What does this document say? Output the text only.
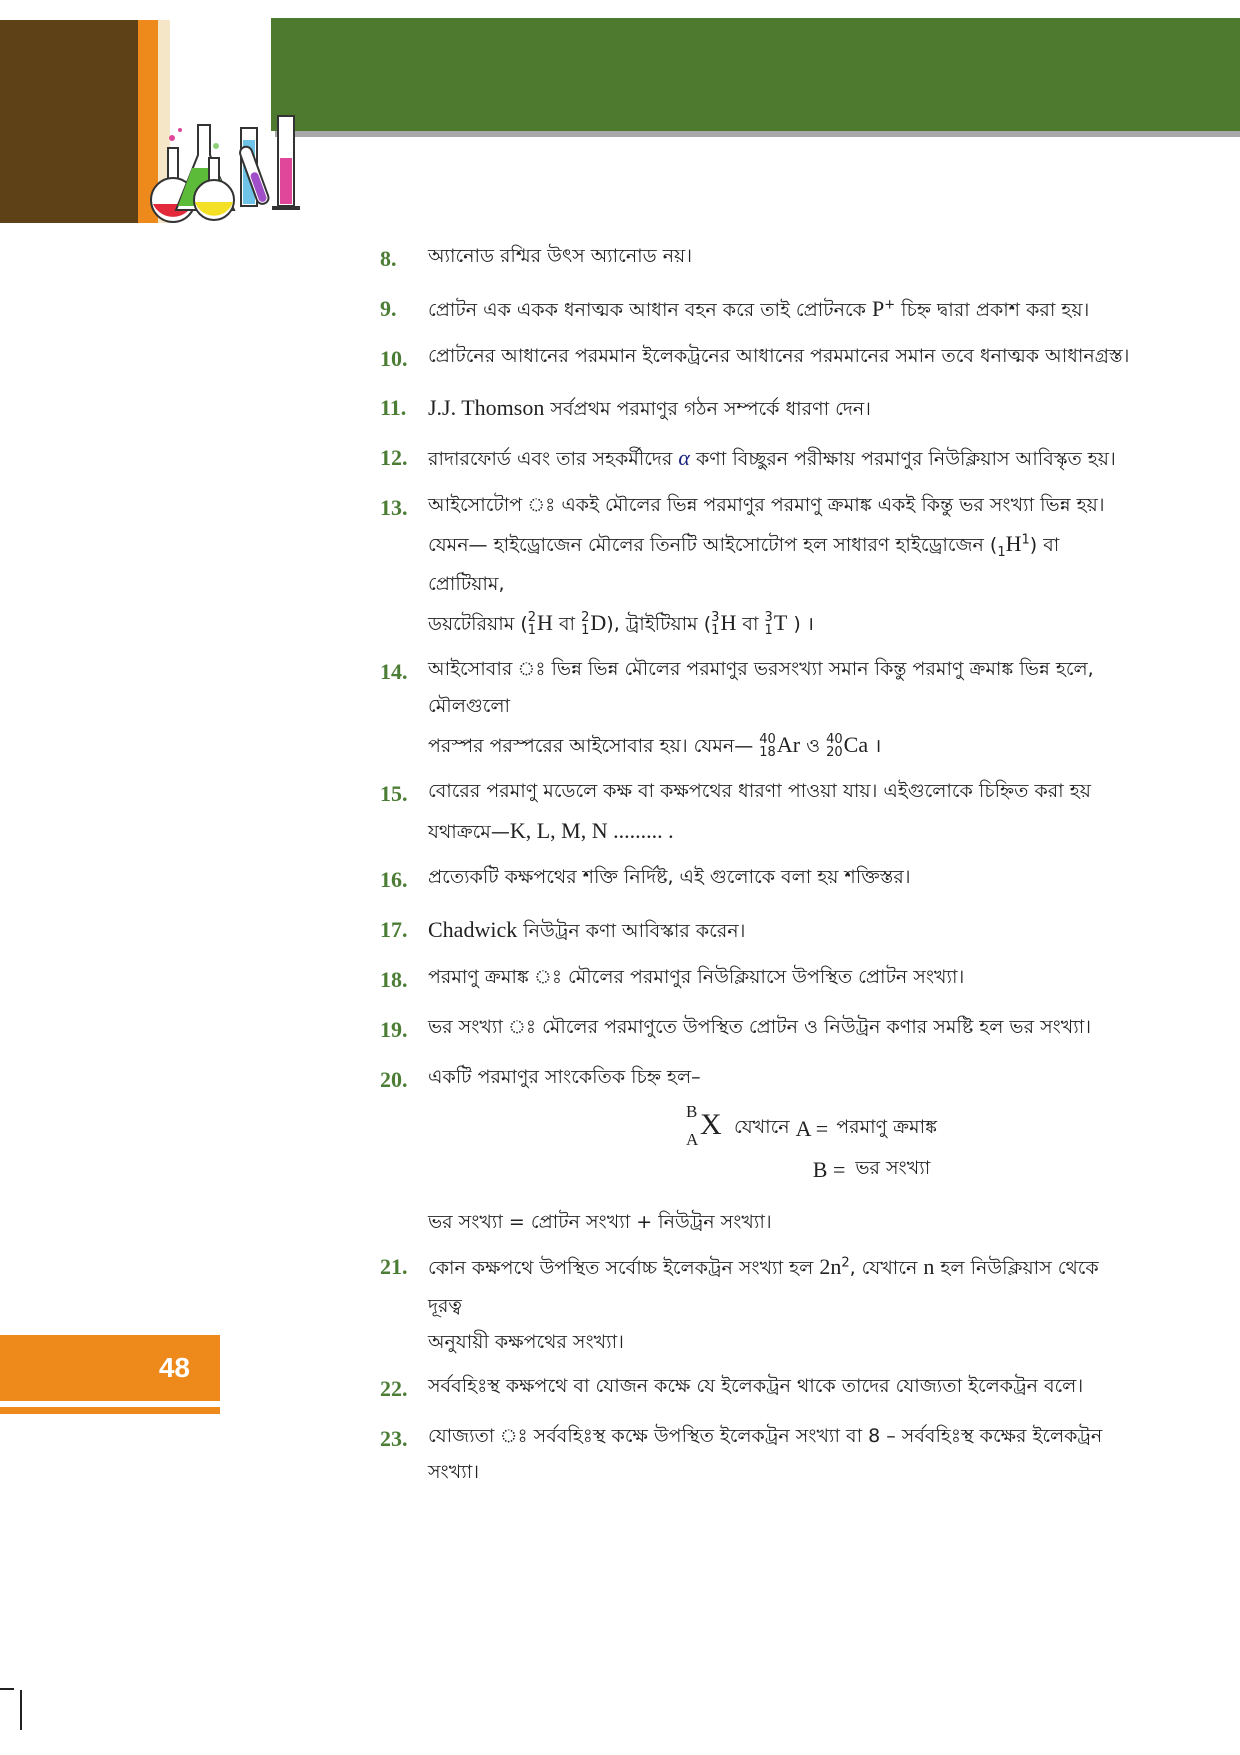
48
8.	অ্যানোড রশ্মির উৎস অ্যানোড নয়।
9.	প্রোটন এক একক ধনাত্মক আধান বহন করে তাই প্রোটনকে P+ চিহ্ন দ্বারা প্রকাশ করা হয়।
10.	প্রোটনের আধানের পরমমান ইলেকট্রনের আধানের পরমমানের সমান তবে ধনাত্মক আধানগ্রস্ত।
11. J.J. Thomson সর্বপ্রথম পরমাণুর গঠন সম্পর্কে ধারণা দেন।
12.	রাদারফোর্ড এবং তার সহকর্মীদের α কণা বিচ্ছুরন পরীক্ষায় পরমাণুর নিউক্লিয়াস আবিস্কৃত হয়।
13.	আইসোটোপ ঃ একই মৌলের ভিন্ন পরমাণুর পরমাণু ক্রমাঙ্ক একই কিন্তু ভর সংখ্যা ভিন্ন হয়।
যেমন— হাইড্রোজেন মৌলের তিনটি আইসোটোপ হল সাধারণ হাইড্রোজেন $(_1H^1)$ বা প্রোটিয়াম,
ডয়টেরিয়াম ( 2
1 H বা 2
1 D), ট্রাইটিয়াম ( 3
1 H বা 3
1 T ) ।
14.	আইসোবার ঃ ভিন্ন ভিন্ন মৌলের পরমাণুর ভরসংখ্যা সমান কিন্তু পরমাণু ক্রমাঙ্ক ভিন্ন হলে, মৌলগুলো
পরস্পর পরস্পরের আইসোবার হয়। যেমন— 40
18 Ar ও 40
20 Ca ।
15.	বোরের পরমাণু মডেলে কক্ষ বা কক্ষপথের ধারণা পাওয়া যায়। এইগুলোকে চিহ্নিত করা হয়
যথাক্রমে—K, L, M, N ......... .
16.	প্রত্যেকটি কক্ষপথের শক্তি নির্দিষ্ট, এই গুলোকে বলা হয় শক্তিস্তর।
17. Chadwick নিউট্রন কণা আবিস্কার করেন।
18.	পরমাণু ক্রমাঙ্ক ঃ মৌলের পরমাণুর নিউক্লিয়াসে উপস্থিত প্রোটন সংখ্যা।
19.	ভর সংখ্যা ঃ মৌলের পরমাণুতে উপস্থিত প্রোটন ও নিউট্রন কণার সমষ্টি হল ভর সংখ্যা।
20.	একটি পরমাণুর সাংকেতিক চিহ্ন হল–
B X
A
যেখানে A = পরমাণু ক্রমাঙ্ক
B = ভর সংখ্যা
ভর সংখ্যা = প্রোটন সংখ্যা + নিউট্রন সংখ্যা।
21.	কোন কক্ষপথে উপস্থিত সর্বোচ্চ ইলেকট্রন সংখ্যা হল $2n^2$, যেখানে n হল নিউক্লিয়াস থেকে দূরত্ব
অনুযায়ী কক্ষপথের সংখ্যা।
22.	সর্ববহিঃস্থ কক্ষপথে বা যোজন কক্ষে যে ইলেকট্রন থাকে তাদের যোজ্যতা ইলেকট্রন বলে।
23.	যোজ্যতা ঃ সর্ববহিঃস্থ কক্ষে উপস্থিত ইলেকট্রন সংখ্যা বা 8 – সর্ববহিঃস্থ কক্ষের ইলেকট্রন
সংখ্যা।
